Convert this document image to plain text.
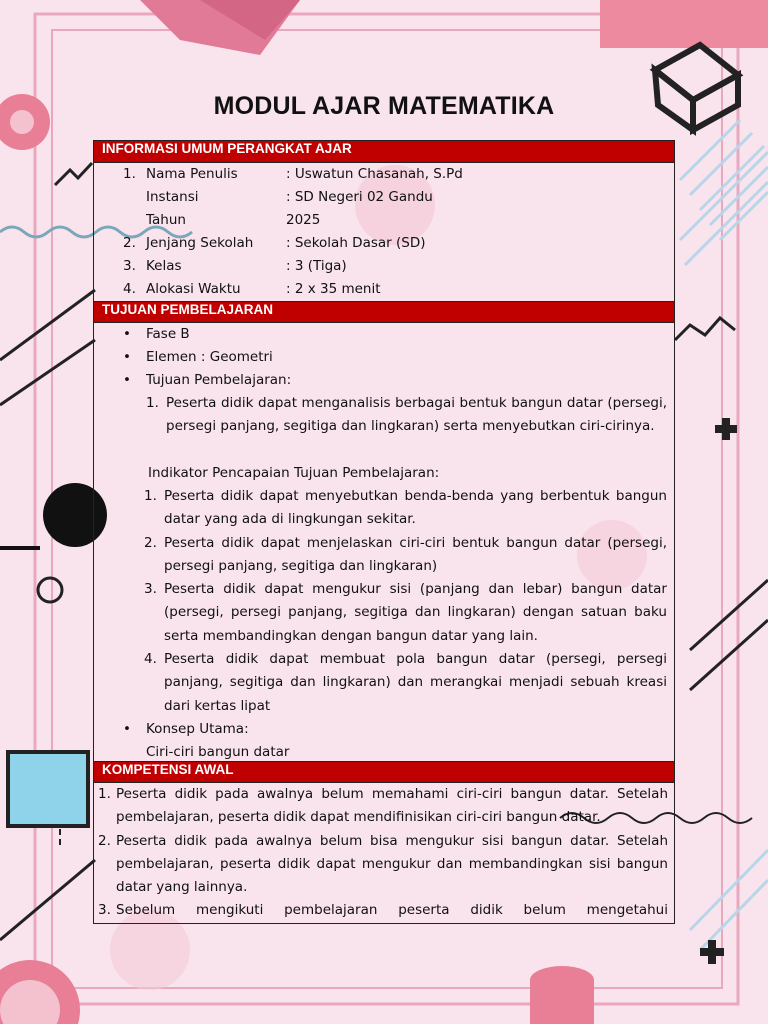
MODUL AJAR MATEMATIKA
INFORMASI UMUM PERANGKAT AJAR
1. Nama Penulis	: Uswatun Chasanah, S.Pd
Instansi	: SD Negeri 02 Gandu
Tahun	2025
2. Jenjang Sekolah : Sekolah Dasar (SD)
3. Kelas	: 3 (Tiga)
4. Alokasi Waktu	: 2 x 35 menit
TUJUAN PEMBELAJARAN
• Fase B
• Elemen : Geometri
• Tujuan Pembelajaran:
1. Peserta didik dapat menganalisis berbagai bentuk bangun datar (persegi, persegi panjang, segitiga dan lingkaran) serta menyebutkan ciri-cirinya.
Indikator Pencapaian Tujuan Pembelajaran:
1. Peserta didik dapat menyebutkan benda-benda yang berbentuk bangun datar yang ada di lingkungan sekitar.
2. Peserta didik dapat menjelaskan ciri-ciri bentuk bangun datar (persegi, persegi panjang, segitiga dan lingkaran)
3. Peserta didik dapat mengukur sisi (panjang dan lebar) bangun datar (persegi, persegi panjang, segitiga dan lingkaran) dengan satuan baku serta membandingkan dengan bangun datar yang lain.
4. Peserta didik dapat membuat pola bangun datar (persegi, persegi panjang, segitiga dan lingkaran) dan merangkai menjadi sebuah kreasi dari kertas lipat
• Konsep Utama:
Ciri-ciri bangun datar
KOMPETENSI AWAL
1. Peserta didik pada awalnya belum memahami ciri-ciri bangun datar. Setelah pembelajaran, peserta didik dapat mendifinisikan ciri-ciri bangun datar.
2. Peserta didik pada awalnya belum bisa mengukur sisi bangun datar. Setelah pembelajaran, peserta didik dapat mengukur dan membandingkan sisi bangun datar yang lainnya.
3. Sebelum mengikuti pembelajaran peserta didik belum mengetahui
